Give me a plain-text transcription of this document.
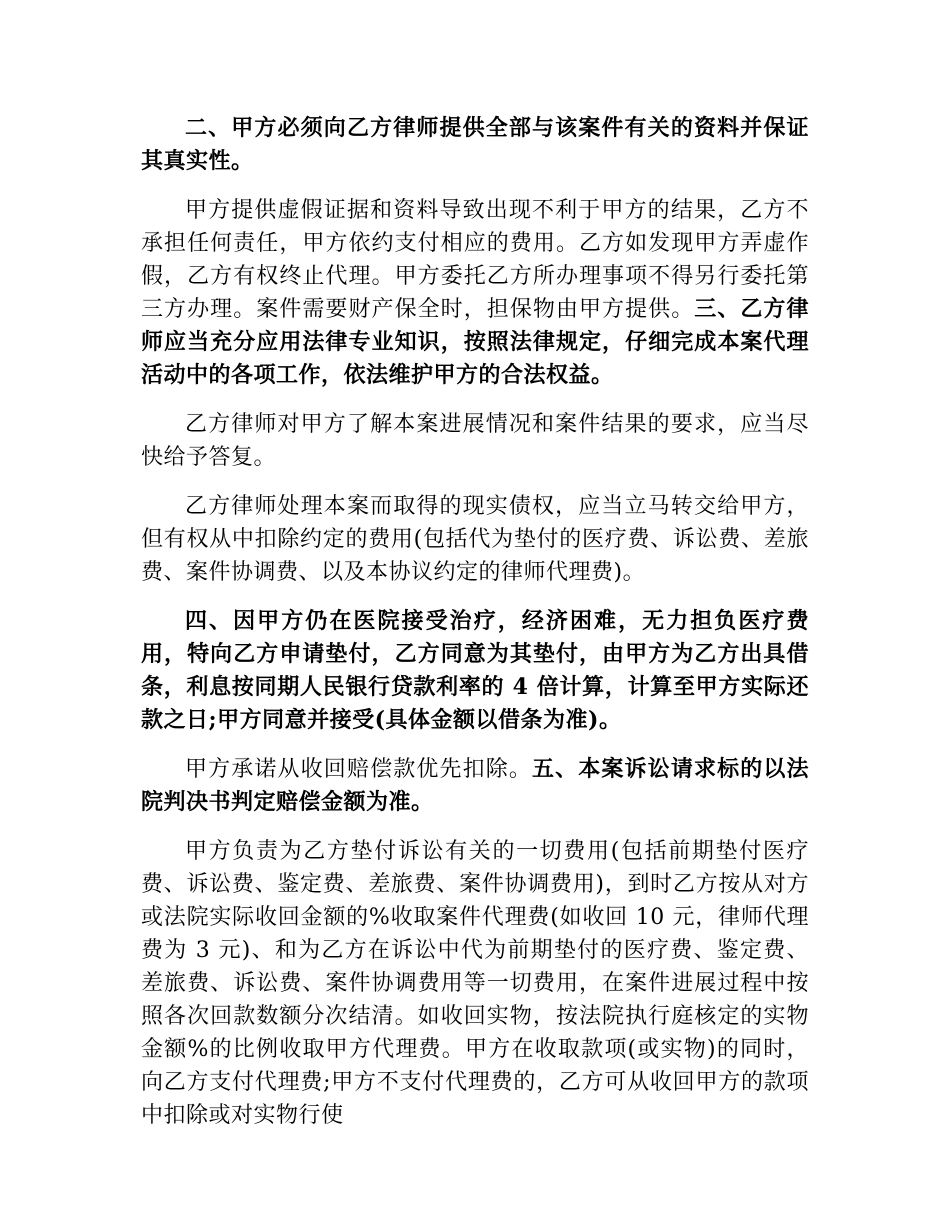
二、甲方必须向乙方律师提供全部与该案件有关的资料并保证其真实性。

甲方提供虚假证据和资料导致出现不利于甲方的结果，乙方不承担任何责任，甲方依约支付相应的费用。乙方如发现甲方弄虚作假，乙方有权终止代理。甲方委托乙方所办理事项不得另行委托第三方办理。案件需要财产保全时，担保物由甲方提供。三、乙方律师应当充分应用法律专业知识，按照法律规定，仔细完成本案代理活动中的各项工作，依法维护甲方的合法权益。

乙方律师对甲方了解本案进展情况和案件结果的要求，应当尽快给予答复。

乙方律师处理本案而取得的现实债权，应当立马转交给甲方，但有权从中扣除约定的费用(包括代为垫付的医疗费、诉讼费、差旅费、案件协调费、以及本协议约定的律师代理费)。

四、因甲方仍在医院接受治疗，经济困难，无力担负医疗费用，特向乙方申请垫付，乙方同意为其垫付，由甲方为乙方出具借条，利息按同期人民银行贷款利率的 4 倍计算，计算至甲方实际还款之日;甲方同意并接受(具体金额以借条为准)。

甲方承诺从收回赔偿款优先扣除。五、本案诉讼请求标的以法院判决书判定赔偿金额为准。

甲方负责为乙方垫付诉讼有关的一切费用(包括前期垫付医疗费、诉讼费、鉴定费、差旅费、案件协调费用)，到时乙方按从对方或法院实际收回金额的%收取案件代理费(如收回 10 元，律师代理费为 3 元)、和为乙方在诉讼中代为前期垫付的医疗费、鉴定费、差旅费、诉讼费、案件协调费用等一切费用，在案件进展过程中按照各次回款数额分次结清。如收回实物，按法院执行庭核定的实物金额%的比例收取甲方代理费。甲方在收取款项(或实物)的同时，向乙方支付代理费;甲方不支付代理费的，乙方可从收回甲方的款项中扣除或对实物行使
